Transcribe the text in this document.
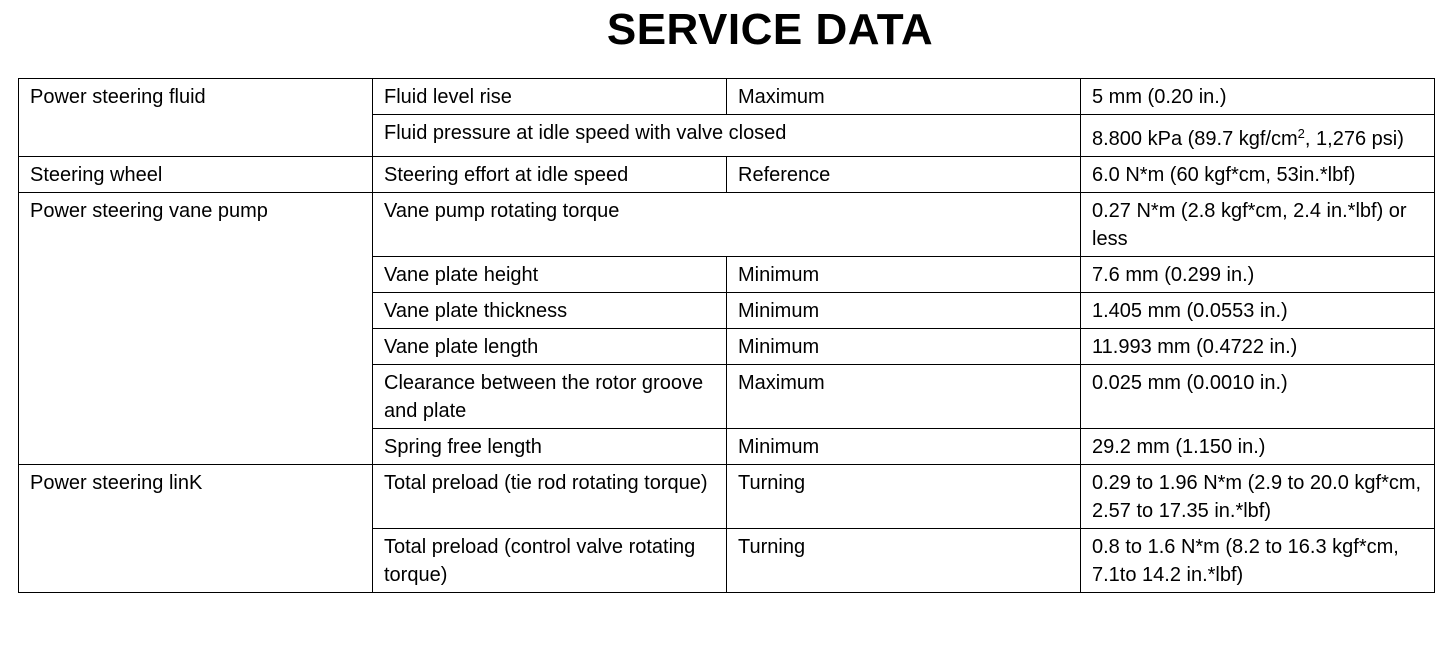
SERVICE DATA
Power steering fluid	Fluid level rise	Maximum	5 mm (0.20 in.)
	Fluid pressure at idle speed with valve closed		8.800 kPa (89.7 kgf/$cm^2$, 1,276 psi)
Steering wheel	Steering effort at idle speed	Reference	6.0 N*m (60 kgf*cm, 53in.*lbf)
Power steering vane pump	Vane pump rotating torque		0.27 N*m (2.8 kgf*cm, 2.4 in.*lbf) or less
	Vane plate height	Minimum	7.6 mm (0.299 in.)
	Vane plate thickness	Minimum	1.405 mm (0.0553 in.)
	Vane plate length	Minimum	11.993 mm (0.4722 in.)
	Clearance between the rotor groove and plate	Maximum	0.025 mm (0.0010 in.)
	Spring free length	Minimum	29.2 mm (1.150 in.)
Power steering linK	Total preload (tie rod rotating torque)	Turning	0.29 to 1.96 N*m (2.9 to 20.0 kgf*cm, 2.57 to 17.35 in.*lbf)
	Total preload (control valve rotating torque)	Turning	0.8 to 1.6 N*m (8.2 to 16.3 kgf*cm, 7.1to 14.2 in.*lbf)
